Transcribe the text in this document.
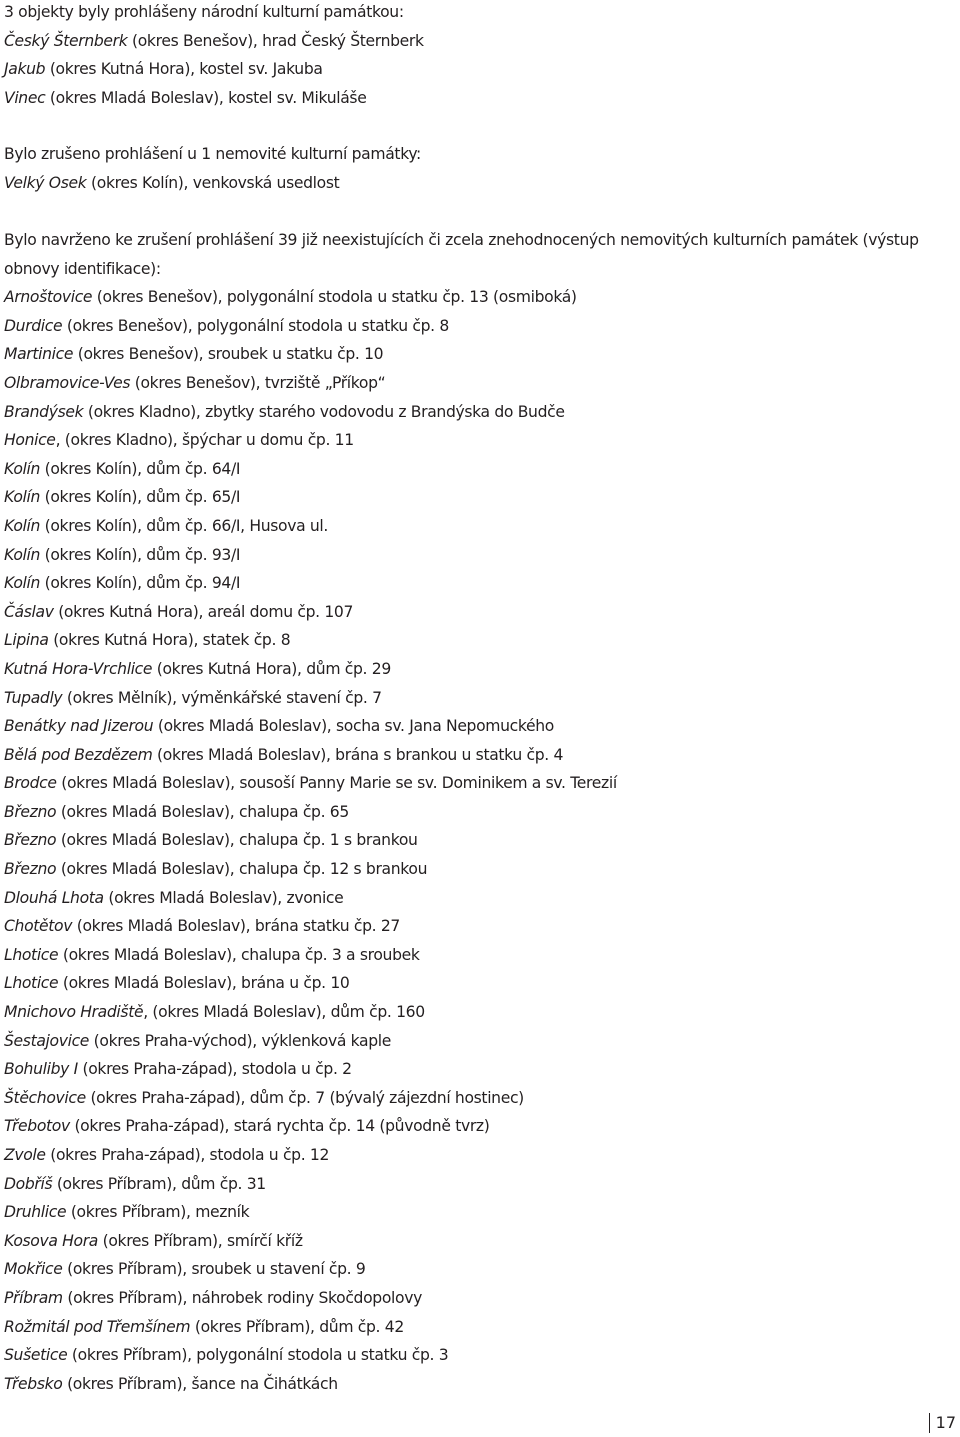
3 objekty byly prohlášeny národní kulturní památkou:
Český Šternberk (okres Benešov), hrad Český Šternberk
Jakub (okres Kutná Hora), kostel sv. Jakuba
Vinec (okres Mladá Boleslav), kostel sv. Mikuláše
Bylo zrušeno prohlášení u 1 nemovité kulturní památky:
Velký Osek (okres Kolín), venkovská usedlost
Bylo navrženo ke zrušení prohlášení 39 již neexistujících či zcela znehodnocených nemovitých kulturních památek (výstup obnovy identifikace):
Arnoštovice (okres Benešov), polygonální stodola u statku čp. 13 (osmiboká)
Durdice (okres Benešov), polygonální stodola u statku čp. 8
Martinice (okres Benešov), sroubek u statku čp. 10
Olbramovice-Ves (okres Benešov), tvrziště „Příkop“
Brandýsek (okres Kladno), zbytky starého vodovodu z Brandýska do Budče
Honice, (okres Kladno), špýchar u domu čp. 11
Kolín (okres Kolín), dům čp. 64/I
Kolín (okres Kolín), dům čp. 65/I
Kolín (okres Kolín), dům čp. 66/I, Husova ul.
Kolín (okres Kolín), dům čp. 93/I
Kolín (okres Kolín), dům čp. 94/I
Čáslav (okres Kutná Hora), areál domu čp. 107
Lipina (okres Kutná Hora), statek čp. 8
Kutná Hora-Vrchlice (okres Kutná Hora), dům čp. 29
Tupadly (okres Mělník), výměnkářské stavení čp. 7
Benátky nad Jizerou (okres Mladá Boleslav), socha sv. Jana Nepomuckého
Bělá pod Bezdězem (okres Mladá Boleslav), brána s brankou u statku čp. 4
Brodce (okres Mladá Boleslav), sousoší Panny Marie se sv. Dominikem a sv. Terezií
Březno (okres Mladá Boleslav), chalupa čp. 65
Březno (okres Mladá Boleslav), chalupa čp. 1 s brankou
Březno (okres Mladá Boleslav), chalupa čp. 12 s brankou
Dlouhá Lhota (okres Mladá Boleslav), zvonice
Chotětov (okres Mladá Boleslav), brána statku čp. 27
Lhotice (okres Mladá Boleslav), chalupa čp. 3 a sroubek
Lhotice (okres Mladá Boleslav), brána u čp. 10
Mnichovo Hradiště, (okres Mladá Boleslav), dům čp. 160
Šestajovice (okres Praha-východ), výklenková kaple
Bohuliby I (okres Praha-západ), stodola u čp. 2
Štěchovice (okres Praha-západ), dům čp. 7 (bývalý zájezdní hostinec)
Třebotov (okres Praha-západ), stará rychta čp. 14 (původně tvrz)
Zvole (okres Praha-západ), stodola u čp. 12
Dobříš (okres Příbram), dům čp. 31
Druhlice (okres Příbram), mezník
Kosova Hora (okres Příbram), smírčí kříž
Mokřice (okres Příbram), sroubek u stavení čp. 9
Příbram (okres Příbram), náhrobek rodiny Skočdopolovy
Rožmitál pod Třemšínem (okres Příbram), dům čp. 42
Sušetice (okres Příbram), polygonální stodola u statku čp. 3
Třebsko (okres Příbram), šance na Čihátkách
17
